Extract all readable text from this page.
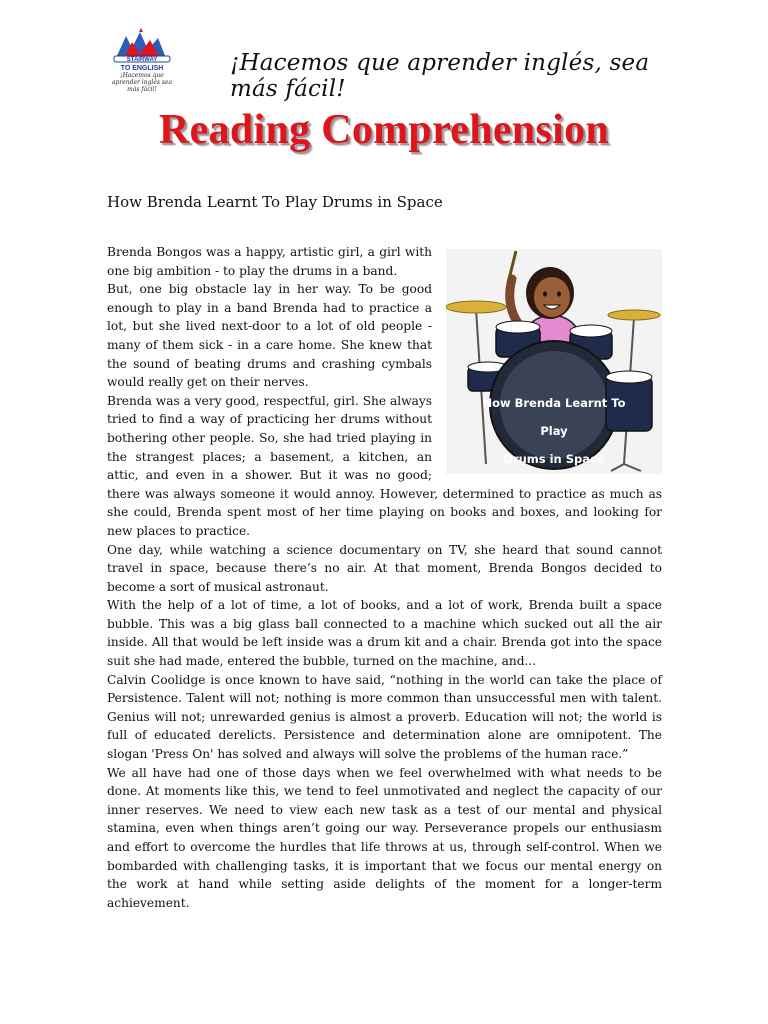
STAIRWAY
TO ENGLISH
¡Hacemos que aprender inglés sea más fácil!
¡Hacemos que aprender inglés, sea más fácil!
Reading Comprehension
How Brenda Learnt To Play Drums in Space
How Brenda Learnt To Play
Drums in Space

Brenda Bongos was a happy, artistic girl, a girl with one big ambition - to play the drums in a band.

But, one big obstacle lay in her way. To be good enough to play in a band Brenda had to practice a lot, but she lived next-door to a lot of old people - many of them sick - in a care home. She knew that the sound of beating drums and crashing cymbals would really get on their nerves.

Brenda was a very good, respectful, girl. She always tried to find a way of practicing her drums without bothering other people. So, she had tried playing in the strangest places; a basement, a kitchen, an attic, and even in a shower. But it was no good; there was always someone it would annoy. However, determined to practice as much as she could, Brenda spent most of her time playing on books and boxes, and looking for new places to practice.

One day, while watching a science documentary on TV, she heard that sound cannot travel in space, because there’s no air. At that moment, Brenda Bongos decided to become a sort of musical astronaut.

With the help of a lot of time, a lot of books, and a lot of work, Brenda built a space bubble. This was a big glass ball connected to a machine which sucked out all the air inside. All that would be left inside was a drum kit and a chair. Brenda got into the space suit she had made, entered the bubble, turned on the machine, and...

Calvin Coolidge is once known to have said, “nothing in the world can take the place of Persistence. Talent will not; nothing is more common than unsuccessful men with talent. Genius will not; unrewarded genius is almost a proverb. Education will not; the world is full of educated derelicts. Persistence and determination alone are omnipotent. The slogan 'Press On' has solved and always will solve the problems of the human race.”

We all have had one of those days when we feel overwhelmed with what needs to be done. At moments like this, we tend to feel unmotivated and neglect the capacity of our inner reserves. We need to view each new task as a test of our mental and physical stamina, even when things aren’t going our way. Perseverance propels our enthusiasm and effort to overcome the hurdles that life throws at us, through self-control. When we bombarded with challenging tasks, it is important that we focus our mental energy on the work at hand while setting aside delights of the moment for a longer-term achievement.
